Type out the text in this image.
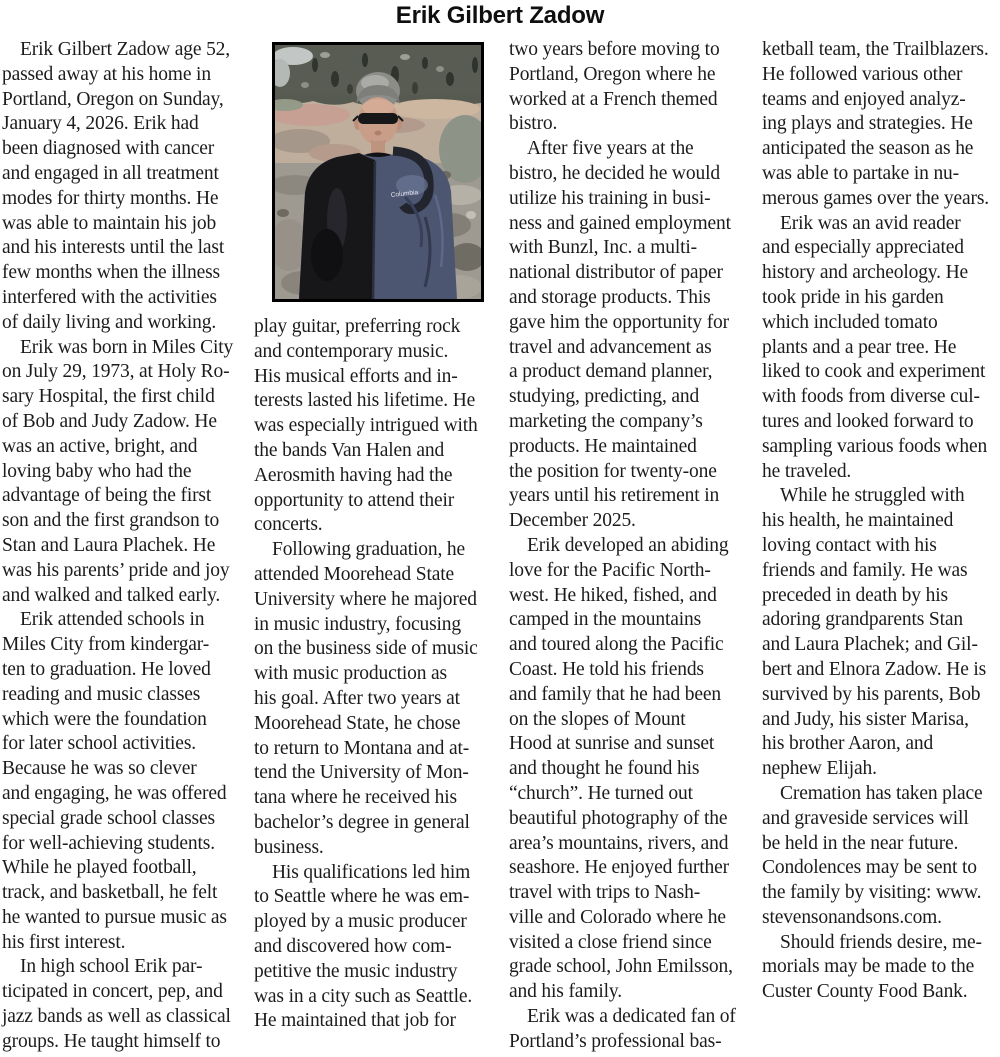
Erik Gilbert Zadow
Erik Gilbert Zadow age 52,
passed away at his home in
Portland, Oregon on Sunday,
January 4, 2026. Erik had
been diagnosed with cancer
and engaged in all treatment
modes for thirty months. He
was able to maintain his job
and his interests until the last
few months when the illness
interfered with the activities
of daily living and working.
Erik was born in Miles City
on July 29, 1973, at Holy Ro-
sary Hospital, the first child
of Bob and Judy Zadow. He
was an active, bright, and
loving baby who had the
advantage of being the first
son and the first grandson to
Stan and Laura Plachek. He
was his parents’ pride and joy
and walked and talked early.
Erik attended schools in
Miles City from kindergar-
ten to graduation. He loved
reading and music classes
which were the foundation
for later school activities.
Because he was so clever
and engaging, he was offered
special grade school classes
for well-achieving students.
While he played football,
track, and basketball, he felt
he wanted to pursue music as
his first interest.
In high school Erik par-
ticipated in concert, pep, and
jazz bands as well as classical
groups. He taught himself to
Columbia
play guitar, preferring rock
and contemporary music.
His musical efforts and in-
terests lasted his lifetime. He
was especially intrigued with
the bands Van Halen and
Aerosmith having had the
opportunity to attend their
concerts.
Following graduation, he
attended Moorehead State
University where he majored
in music industry, focusing
on the business side of music
with music production as
his goal. After two years at
Moorehead State, he chose
to return to Montana and at-
tend the University of Mon-
tana where he received his
bachelor’s degree in general
business.
His qualifications led him
to Seattle where he was em-
ployed by a music producer
and discovered how com-
petitive the music industry
was in a city such as Seattle.
He maintained that job for
two years before moving to
Portland, Oregon where he
worked at a French themed
bistro.
After five years at the
bistro, he decided he would
utilize his training in busi-
ness and gained employment
with Bunzl, Inc. a multi-
national distributor of paper
and storage products. This
gave him the opportunity for
travel and advancement as
a product demand planner,
studying, predicting, and
marketing the company’s
products. He maintained
the position for twenty-one
years until his retirement in
December 2025.
Erik developed an abiding
love for the Pacific North-
west. He hiked, fished, and
camped in the mountains
and toured along the Pacific
Coast. He told his friends
and family that he had been
on the slopes of Mount
Hood at sunrise and sunset
and thought he found his
“church”. He turned out
beautiful photography of the
area’s mountains, rivers, and
seashore. He enjoyed further
travel with trips to Nash-
ville and Colorado where he
visited a close friend since
grade school, John Emilsson,
and his family.
Erik was a dedicated fan of
Portland’s professional bas-
ketball team, the Trailblazers.
He followed various other
teams and enjoyed analyz-
ing plays and strategies. He
anticipated the season as he
was able to partake in nu-
merous games over the years.
Erik was an avid reader
and especially appreciated
history and archeology. He
took pride in his garden
which included tomato
plants and a pear tree. He
liked to cook and experiment
with foods from diverse cul-
tures and looked forward to
sampling various foods when
he traveled.
While he struggled with
his health, he maintained
loving contact with his
friends and family. He was
preceded in death by his
adoring grandparents Stan
and Laura Plachek; and Gil-
bert and Elnora Zadow. He is
survived by his parents, Bob
and Judy, his sister Marisa,
his brother Aaron, and
nephew Elijah.
Cremation has taken place
and graveside services will
be held in the near future.
Condolences may be sent to
the family by visiting: www.
stevensonandsons.com.
Should friends desire, me-
morials may be made to the
Custer County Food Bank.
